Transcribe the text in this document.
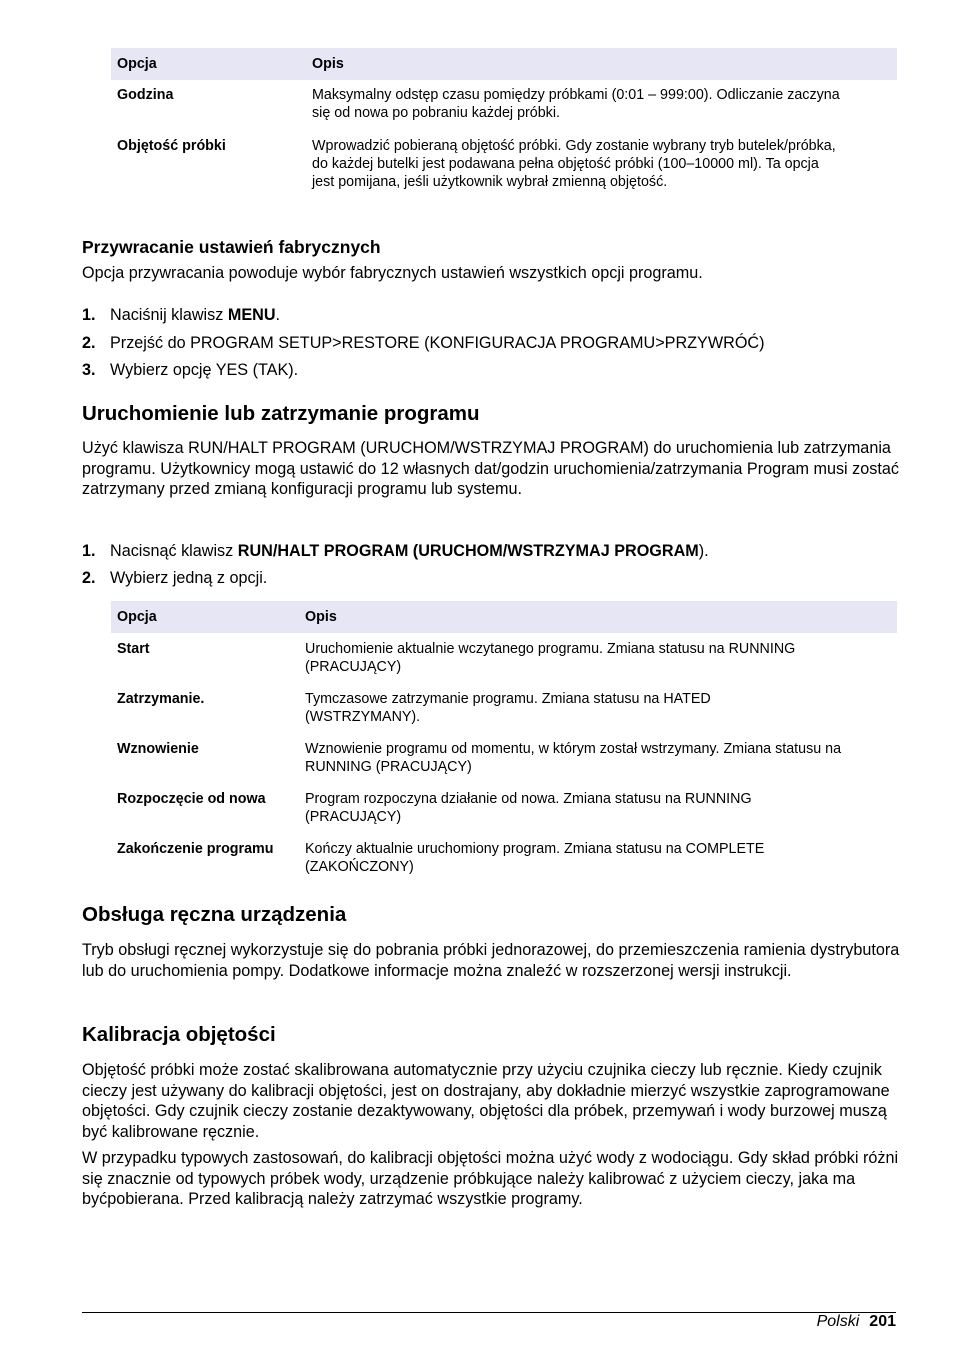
Opcja	Opis
Godzina	Maksymalny odstęp czasu pomiędzy próbkami (0:01 – 999:00). Odliczanie zaczyna się od nowa po pobraniu każdej próbki.
Objętość próbki	Wprowadzić pobieraną objętość próbki. Gdy zostanie wybrany tryb butelek/próbka, do każdej butelki jest podawana pełna objętość próbki (100–10000 ml). Ta opcja jest pomijana, jeśli użytkownik wybrał zmienną objętość.
Przywracanie ustawień fabrycznych
Opcja przywracania powoduje wybór fabrycznych ustawień wszystkich opcji programu.
1. Naciśnij klawisz MENU.
2. Przejść do PROGRAM SETUP>RESTORE (KONFIGURACJA PROGRAMU>PRZYWRÓĆ)
3. Wybierz opcję YES (TAK).
Uruchomienie lub zatrzymanie programu
Użyć klawisza RUN/HALT PROGRAM (URUCHOM/WSTRZYMAJ PROGRAM) do uruchomienia lub zatrzymania programu. Użytkownicy mogą ustawić do 12 własnych dat/godzin uruchomienia/zatrzymania Program musi zostać zatrzymany przed zmianą konfiguracji programu lub systemu.
1. Nacisnąć klawisz RUN/HALT PROGRAM (URUCHOM/WSTRZYMAJ PROGRAM).
2. Wybierz jedną z opcji.
Opcja	Opis
Start	Uruchomienie aktualnie wczytanego programu. Zmiana statusu na RUNNING (PRACUJĄCY)
Zatrzymanie.	Tymczasowe zatrzymanie programu. Zmiana statusu na HATED (WSTRZYMANY).
Wznowienie	Wznowienie programu od momentu, w którym został wstrzymany. Zmiana statusu na RUNNING (PRACUJĄCY)
Rozpoczęcie od nowa	Program rozpoczyna działanie od nowa. Zmiana statusu na RUNNING (PRACUJĄCY)
Zakończenie programu	Kończy aktualnie uruchomiony program. Zmiana statusu na COMPLETE (ZAKOŃCZONY)
Obsługa ręczna urządzenia
Tryb obsługi ręcznej wykorzystuje się do pobrania próbki jednorazowej, do przemieszczenia ramienia dystrybutora lub do uruchomienia pompy. Dodatkowe informacje można znaleźć w rozszerzonej wersji instrukcji.
Kalibracja objętości
Objętość próbki może zostać skalibrowana automatycznie przy użyciu czujnika cieczy lub ręcznie. Kiedy czujnik cieczy jest używany do kalibracji objętości, jest on dostrajany, aby dokładnie mierzyć wszystkie zaprogramowane objętości. Gdy czujnik cieczy zostanie dezaktywowany, objętości dla próbek, przemywań i wody burzowej muszą być kalibrowane ręcznie.
W przypadku typowych zastosowań, do kalibracji objętości można użyć wody z wodociągu. Gdy skład próbki różni się znacznie od typowych próbek wody, urządzenie próbkujące należy kalibrować z użyciem cieczy, jaka ma byćpobierana. Przed kalibracją należy zatrzymać wszystkie programy.
Polski 201
